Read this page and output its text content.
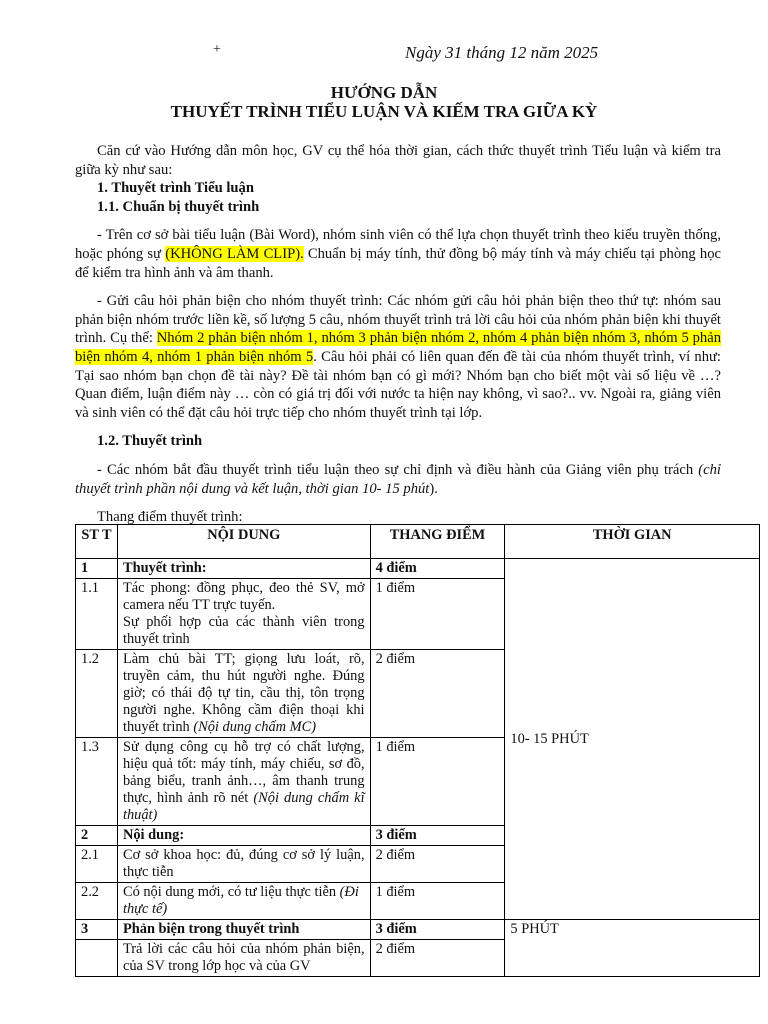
+	Ngày 31 tháng 12 năm 2025
HƯỚNG DẪN
THUYẾT TRÌNH TIỂU LUẬN VÀ KIẾM TRA GIỮA KỲ

Căn cứ vào Hướng dẫn môn học, GV cụ thể hóa thời gian, cách thức thuyết trình Tiểu luận và kiểm tra giữa kỳ như sau:

1. Thuyết trình Tiểu luận

1.1. Chuẩn bị thuyết trình

- Trên cơ sở bài tiểu luận (Bài Word), nhóm sinh viên có thể lựa chọn thuyết trình theo kiểu truyền thống, hoặc phóng sự (KHÔNG LÀM CLIP). Chuẩn bị máy tính, thử đồng bộ máy tính và máy chiếu tại phòng học để kiểm tra hình ảnh và âm thanh.

- Gửi câu hỏi phản biện cho nhóm thuyết trình: Các nhóm gửi câu hỏi phản biện theo thứ tự: nhóm sau phản biện nhóm trước liền kề, số lượng 5 câu, nhóm thuyết trình trả lời câu hỏi của nhóm phản biện khi thuyết trình. Cụ thể: Nhóm 2 phản biện nhóm 1, nhóm 3 phản biện nhóm 2, nhóm 4 phản biện nhóm 3, nhóm 5 phản biện nhóm 4, nhóm 1 phản biện nhóm 5. Câu hỏi phải có liên quan đến đề tài của nhóm thuyết trình, ví như: Tại sao nhóm bạn chọn đề tài này? Đề tài nhóm bạn có gì mới? Nhóm bạn cho biết một vài số liệu về …? Quan điểm, luận điểm này … còn có giá trị đối với nước ta hiện nay không, vì sao?.. vv. Ngoài ra, giảng viên và sinh viên có thể đặt câu hỏi trực tiếp cho nhóm thuyết trình tại lớp.

1.2. Thuyết trình

- Các nhóm bắt đầu thuyết trình tiểu luận theo sự chỉ định và điều hành của Giảng viên phụ trách (chỉ thuyết trình phần nội dung và kết luận, thời gian 10- 15 phút).

Thang điểm thuyết trình:

ST T	NỘI DUNG	THANG ĐIỂM	THỜI GIAN
1	Thuyết trình:	4 điểm	10- 15 PHÚT
1.1	Tác phong: đồng phục, đeo thẻ SV, mở camera nếu TT trực tuyến.
Sự phối hợp của các thành viên trong thuyết trình	1 điểm	
1.2	Làm chủ bài TT; giọng lưu loát, rõ, truyền cảm, thu hút người nghe. Đúng giờ; có thái độ tự tin, cầu thị, tôn trọng người nghe. Không cầm điện thoại khi thuyết trình (Nội dung chấm MC)	2 điểm	
1.3	Sử dụng công cụ hỗ trợ có chất lượng, hiệu quả tốt: máy tính, máy chiếu, sơ đồ, bảng biểu, tranh ảnh…, âm thanh trung thực, hình ảnh rõ nét (Nội dung chấm kĩ thuật)	1 điểm	
2	Nội dung:	3 điểm	
2.1	Cơ sở khoa học: đủ, đúng cơ sở lý luận, thực tiễn	2 điểm	
2.2	Có nội dung mới, có tư liệu thực tiễn (Đi thực tế)	1 điểm	

3	Phản biện trong thuyết trình	3 điểm	5 PHÚT
	Trả lời các câu hỏi của nhóm phản biện, của SV trong lớp học và của GV	2 điểm	
